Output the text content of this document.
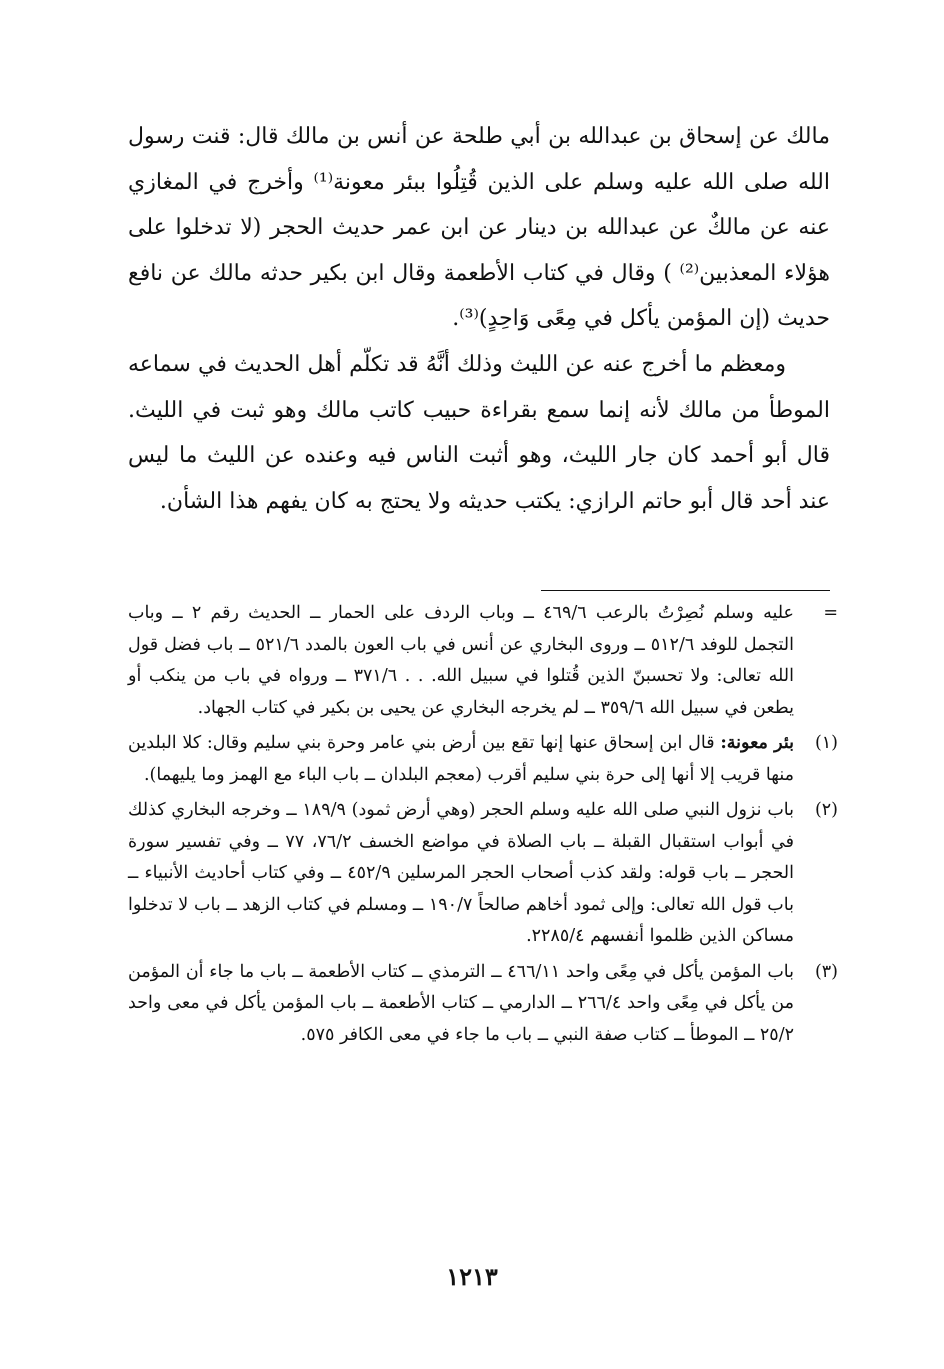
مالك عن إسحاق بن عبدالله بن أبي طلحة عن أنس بن مالك قال: قنت رسول الله صلى الله عليه وسلم على الذين قُتِلُوا ببئر معونة⁽¹⁾ وأخرج في المغازي عنه عن مالكٌ عن عبدالله بن دينار عن ابن عمر حديث الحجر (لا تدخلوا على هؤلاء المعذبين⁽²⁾ ) وقال في كتاب الأطعمة وقال ابن بكير حدثه مالك عن نافع حديث (إن المؤمن يأكل في مِعًى وَاحِدٍ)⁽³⁾.

ومعظم ما أخرج عنه عن الليث وذلك أنَّهُ قد تكلّم أهل الحديث في سماعه الموطأ من مالك لأنه إنما سمع بقراءة حبيب كاتب مالك وهو ثبت في الليث. قال أبو أحمد كان جار الليث، وهو أثبت الناس فيه وعنده عن الليث ما ليس عند أحد قال أبو حاتم الرازي: يكتب حديثه ولا يحتج به كان يفهم هذا الشأن.

=
عليه وسلم نُصِرْتُ بالرعب ٤٦٩/٦ ــ وباب الردف على الحمار ــ الحديث رقم ٢ ــ وباب التجمل للوفد ٥١٢/٦ ــ وروى البخاري عن أنس في باب العون بالمدد ٥٢١/٦ ــ باب فضل قول الله تعالى: ولا تحسبنّ الذين قُتلوا في سبيل الله. . . ٣٧١/٦ ــ ورواه في باب من ينكب أو يطعن في سبيل الله ٣٥٩/٦ ــ لم يخرجه البخاري عن يحيى بن بكير في كتاب الجهاد.
(١)
بئر معونة: قال ابن إسحاق عنها إنها تقع بين أرض بني عامر وحرة بني سليم وقال: كلا البلدين منها قريب إلا أنها إلى حرة بني سليم أقرب (معجم البلدان ــ باب الباء مع الهمز وما يليهما).
(٢)
باب نزول النبي صلى الله عليه وسلم الحجر (وهي أرض ثمود) ١٨٩/٩ ــ وخرجه البخاري كذلك في أبواب استقبال القبلة ــ باب الصلاة في مواضع الخسف ٧٦/٢، ٧٧ ــ وفي تفسير سورة الحجر ــ باب قوله: ولقد كذب أصحاب الحجر المرسلين ٤٥٢/٩ ــ وفي كتاب أحاديث الأنبياء ــ باب قول الله تعالى: وإلى ثمود أخاهم صالحاً ١٩٠/٧ ــ ومسلم في كتاب الزهد ــ باب لا تدخلوا مساكن الذين ظلموا أنفسهم ٢٢٨٥/٤.
(٣)
باب المؤمن يأكل في مِعًى واحد ٤٦٦/١١ ــ الترمذي ــ كتاب الأطعمة ــ باب ما جاء أن المؤمن من يأكل في مِعًى واحد ٢٦٦/٤ ــ الدارمي ــ كتاب الأطعمة ــ باب المؤمن يأكل في معى واحد ٢٥/٢ ــ الموطأ ــ كتاب صفة النبي ــ باب ما جاء في معى الكافر ٥٧٥.
١٢١٣
